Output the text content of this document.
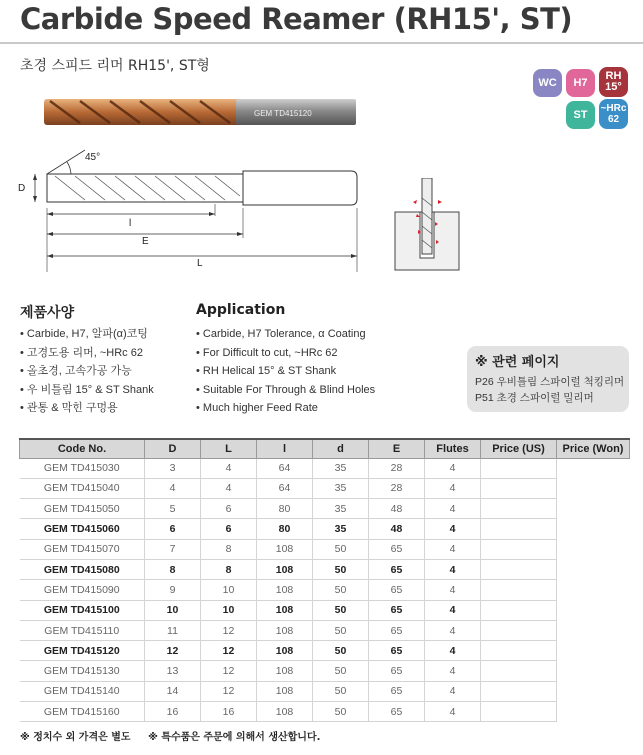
Carbide Speed Reamer (RH15', ST)
초경 스피드 리머 RH15', ST형
WC	H7
RH
15°
ST	~HRc
62
GEM TD415120
45°
D
l
E
L
제품사양
• Carbide, H7, 알파(α)코팅
• 고경도용 리머, ~HRc 62
• 올초경, 고속가공 가능
• 우 비틀림 15° & ST Shank
• 관통 & 막힌 구멍용
Application
• Carbide, H7 Tolerance, α Coating
• For Difficult to cut, ~HRc 62
• RH Helical 15° & ST Shank
• Suitable For Through & Blind Holes
• Much higher Feed Rate
※ 관련 페이지
P26 우비틀림 스파이럴 척킹리머
P51 초경 스파이럴 밀리머
Code No.	D	L	l	d	E	Flutes	Price (US)	Price (Won)
GEM TD415030	3	4	64	35	28	4		
GEM TD415040	4	4	64	35	28	4		
GEM TD415050	5	6	80	35	48	4		
GEM TD415060	6	6	80	35	48	4		
GEM TD415070	7	8	108	50	65	4		
GEM TD415080	8	8	108	50	65	4		
GEM TD415090	9	10	108	50	65	4		
GEM TD415100	10	10	108	50	65	4		
GEM TD415110	11	12	108	50	65	4		
GEM TD415120	12	12	108	50	65	4		
GEM TD415130	13	12	108	50	65	4		
GEM TD415140	14	12	108	50	65	4		
GEM TD415160	16	16	108	50	65	4		
※ 정치수 외 가격은 별도 ※ 특수품은 주문에 의해서 생산합니다.
